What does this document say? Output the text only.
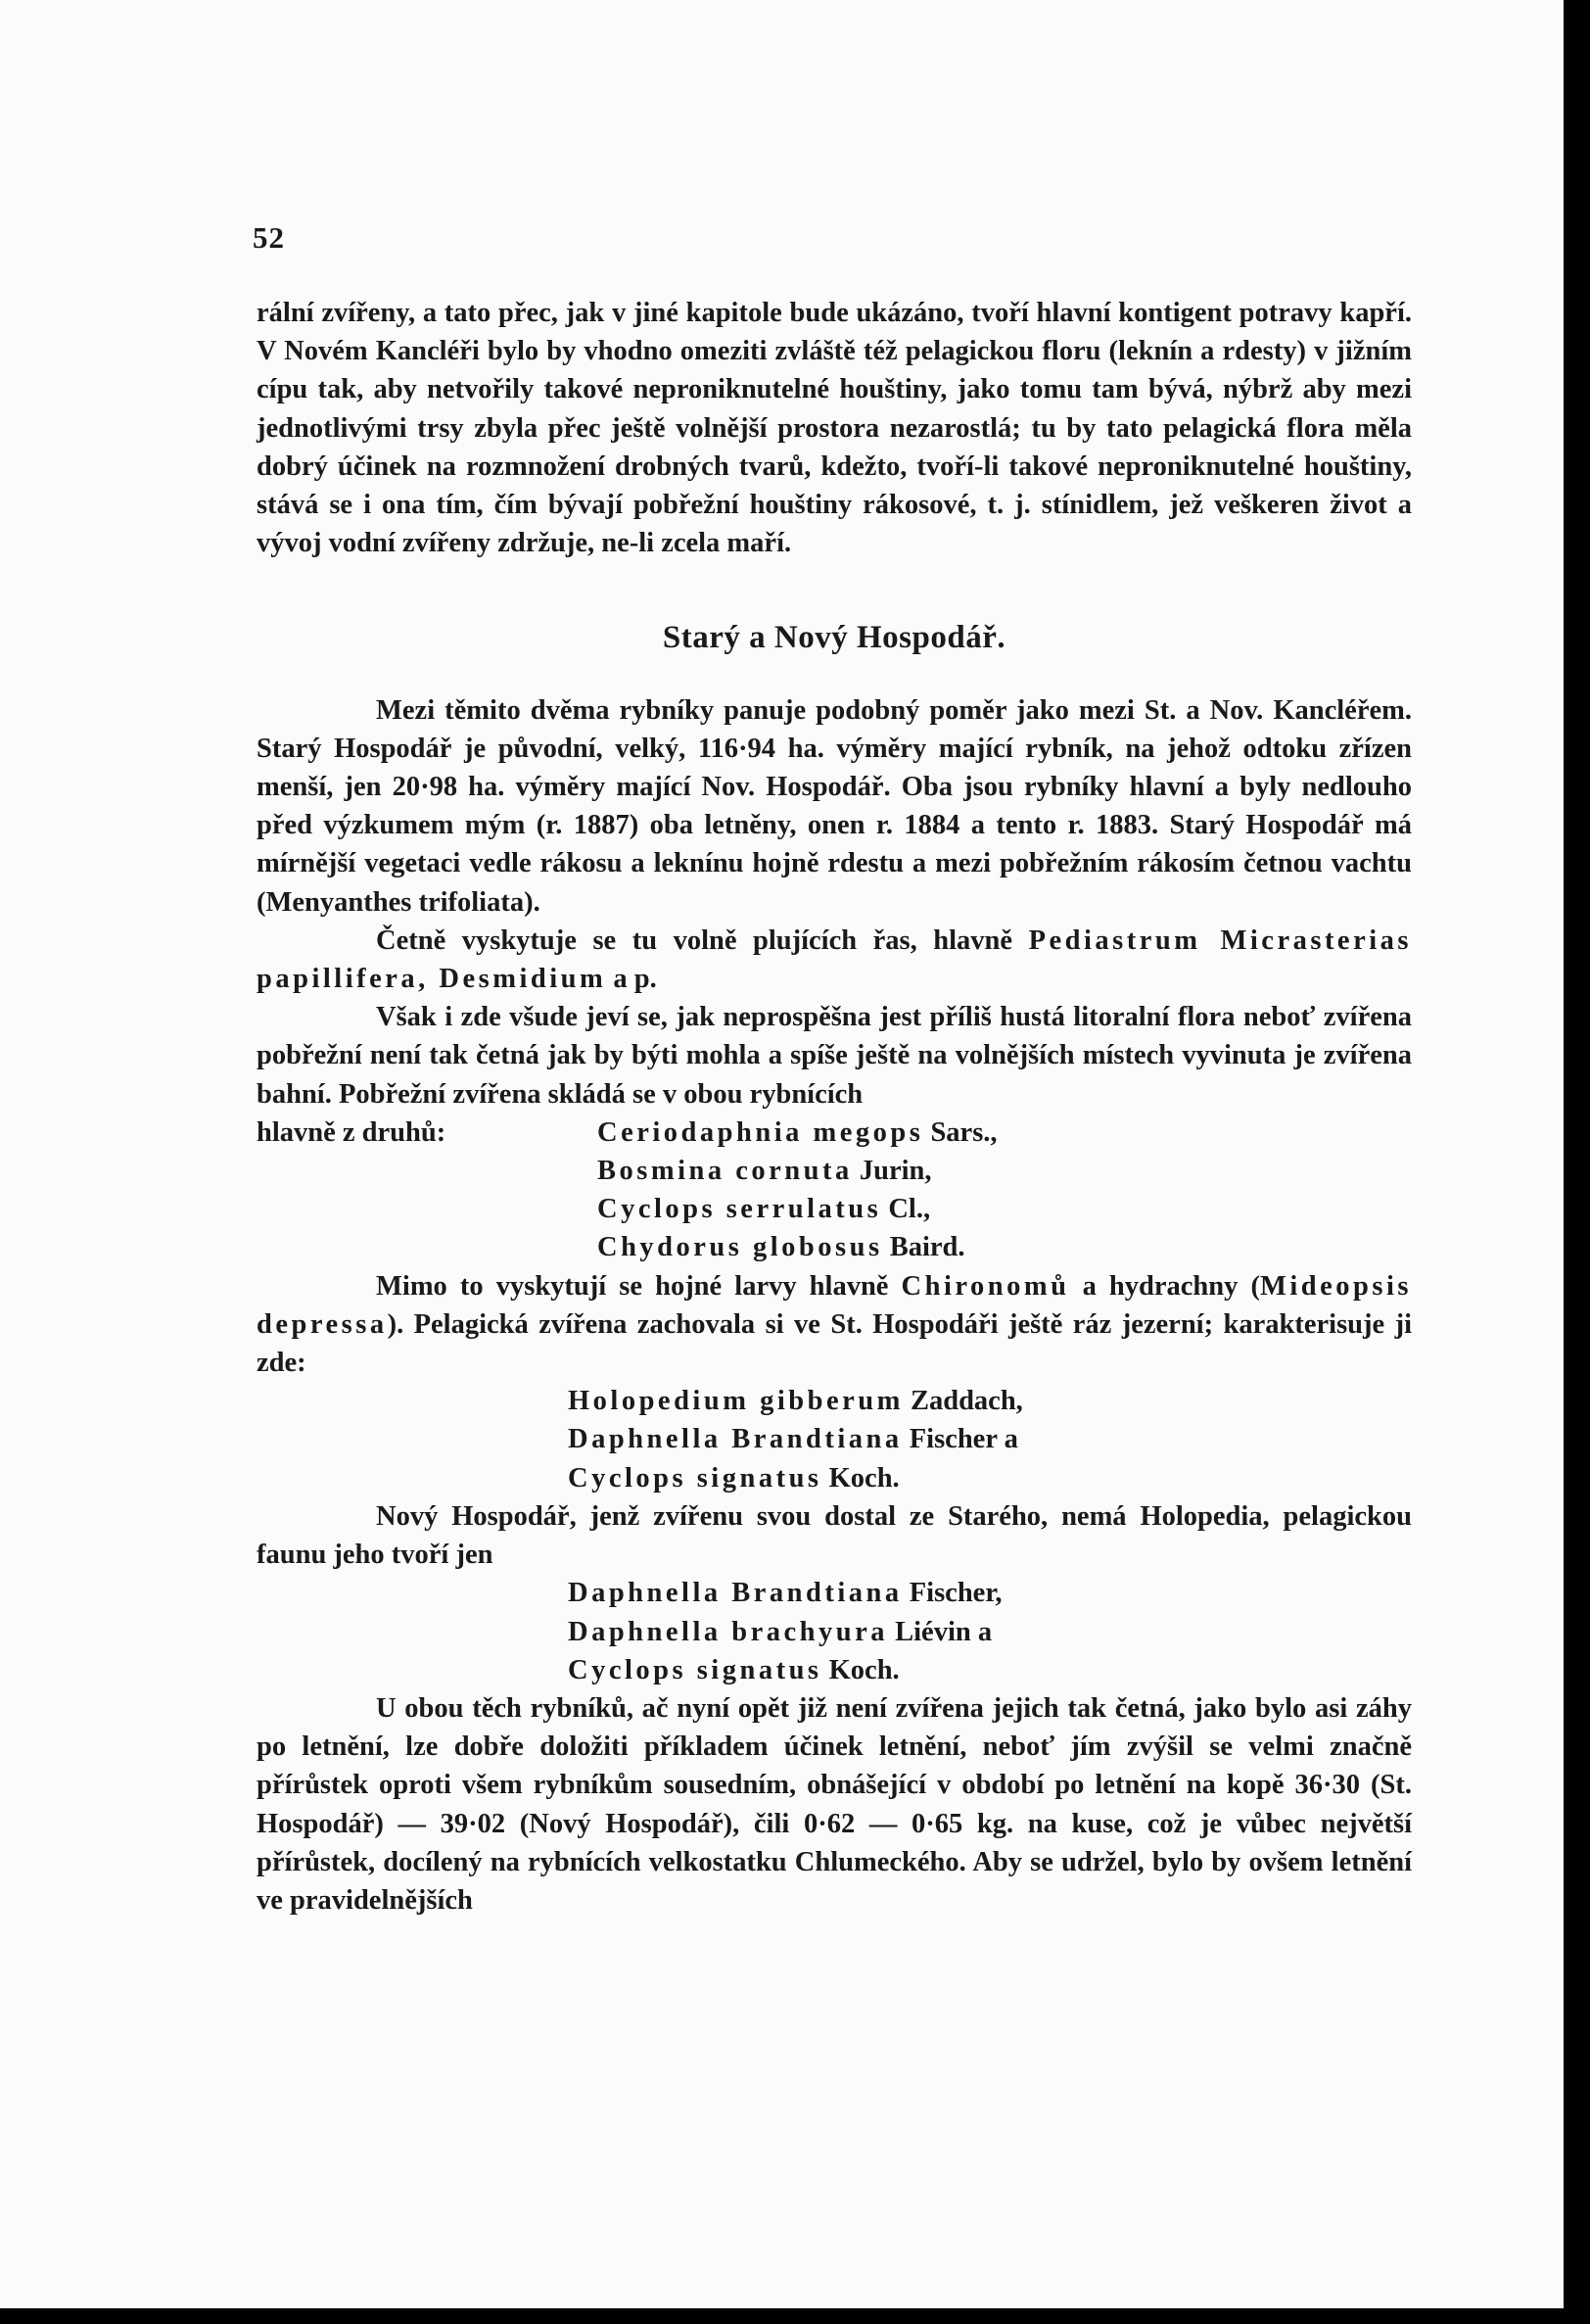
52

rální zvířeny, a tato přec, jak v jiné kapitole bude ukázáno, tvoří hlavní kontigent potravy kapří. V Novém Kancléři bylo by vhodno omeziti zvláště též pelagickou floru (leknín a rdesty) v jižním cípu tak, aby netvořily takové neproniknutelné houštiny, jako tomu tam bývá, nýbrž aby mezi jednotlivými trsy zbyla přec ještě volnější prostora nezarostlá; tu by tato pelagická flora měla dobrý účinek na rozmnožení drobných tvarů, kdežto, tvoří-li takové neproniknutelné houštiny, stává se i ona tím, čím bývají pobřežní houštiny rákosové, t. j. stínidlem, jež veškeren život a vývoj vodní zvířeny zdržuje, ne-li zcela maří.

Starý a Nový Hospodář.

Mezi těmito dvěma rybníky panuje podobný poměr jako mezi St. a Nov. Kancléřem. Starý Hospodář je původní, velký, 116·94 ha. výměry mající rybník, na jehož odtoku zřízen menší, jen 20·98 ha. výměry mající Nov. Hospodář. Oba jsou rybníky hlavní a byly nedlouho před výzkumem mým (r. 1887) oba letněny, onen r. 1884 a tento r. 1883. Starý Hospodář má mírnější vegetaci vedle rákosu a leknínu hojně rdestu a mezi pobřežním rákosím četnou vachtu (Menyanthes trifoliata).

Četně vyskytuje se tu volně plujících řas, hlavně Pediastrum Micrasterias papillifera, Desmidium a p.

Však i zde všude jeví se, jak neprospěšna jest příliš hustá litoralní flora neboť zvířena pobřežní není tak četná jak by býti mohla a spíše ještě na volnějších místech vyvinuta je zvířena bahní. Pobřežní zvířena skládá se v obou rybnících

hlavně z druhů:	Ceriodaphnia megops Sars.,
Bosmina cornuta Jurin,
Cyclops serrulatus Cl.,
Chydorus globosus Baird.

Mimo to vyskytují se hojné larvy hlavně Chironomů a hydrachny (Mideopsis depressa). Pelagická zvířena zachovala si ve St. Hospodáři ještě ráz jezerní; karakterisuje ji zde:

Holopedium gibberum Zaddach,
Daphnella Brandtiana Fischer a
Cyclops signatus Koch.

Nový Hospodář, jenž zvířenu svou dostal ze Starého, nemá Holopedia, pelagickou faunu jeho tvoří jen

Daphnella Brandtiana Fischer,
Daphnella brachyura Liévin a
Cyclops signatus Koch.

U obou těch rybníků, ač nyní opět již není zvířena jejich tak četná, jako bylo asi záhy po letnění, lze dobře doložiti příkladem účinek letnění, neboť jím zvýšil se velmi značně přírůstek oproti všem rybníkům sousedním, obnášející v období po letnění na kopě 36·30 (St. Hospodář) — 39·02 (Nový Hospodář), čili 0·62 — 0·65 kg. na kuse, což je vůbec největší přírůstek, docílený na rybnících velkostatku Chlumeckého. Aby se udržel, bylo by ovšem letnění ve pravidelnějších
